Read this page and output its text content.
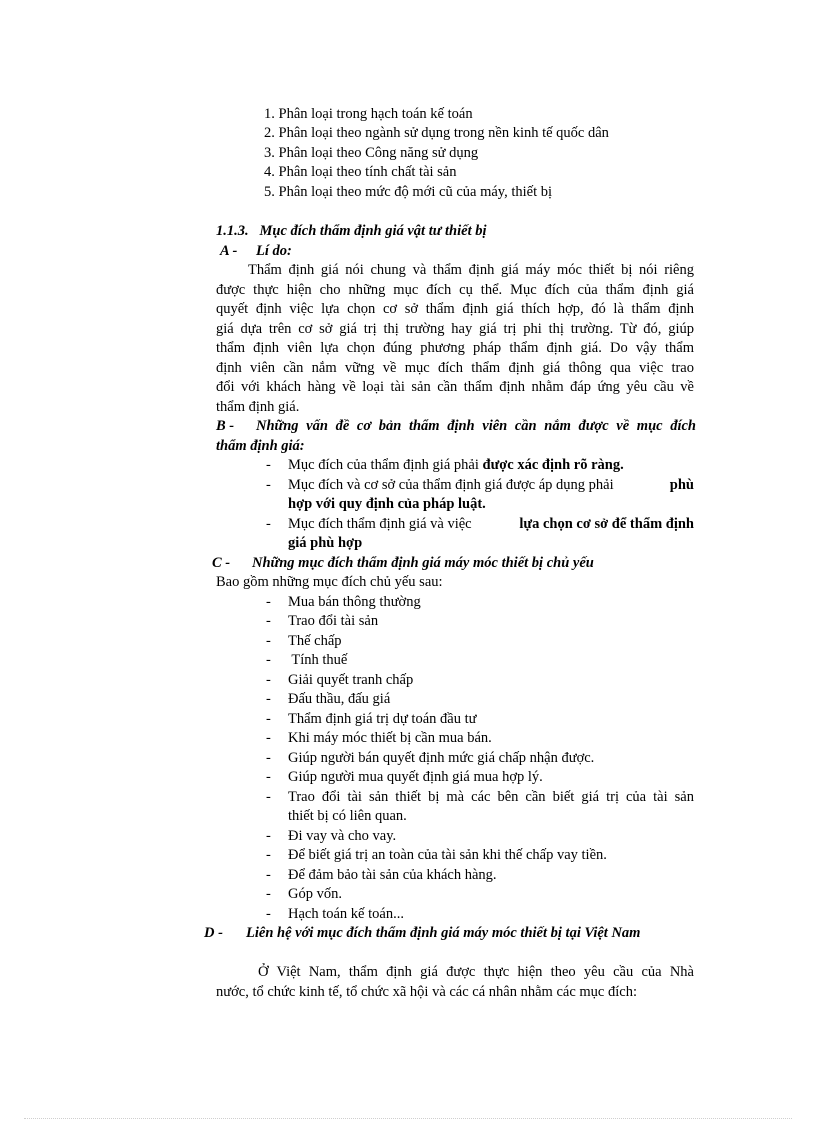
1. Phân loại trong hạch toán kế toán
2. Phân loại theo ngành sử dụng trong nền kinh tế quốc dân
3. Phân loại theo Công năng sử dụng
4. Phân loại theo tính chất tài sản
5. Phân loại theo mức độ mới cũ của máy, thiết bị
1.1.3.   Mục đích thẩm định giá vật tư thiết bị
A - Lí do:
Thẩm định giá nói chung và thẩm định giá máy móc thiết bị nói riêng
được thực hiện cho những mục đích cụ thể. Mục đích của thẩm định giá
quyết định việc lựa chọn cơ sở thẩm định giá thích hợp, đó là thẩm định
giá dựa trên cơ sở giá trị thị trường hay giá trị phi thị trường. Từ đó, giúp
thẩm định viên lựa chọn đúng phương pháp thẩm định giá. Do vậy thẩm
định viên cần nắm vững về mục đích thẩm định giá thông qua việc trao
đổi với khách hàng về loại tài sản cần thẩm định nhằm đáp ứng yêu cầu về
thẩm định giá.
B - Những vấn đề cơ bản thẩm định viên cần nắm được về mục đích
thẩm định giá:
- Mục đích của thẩm định giá phải được xác định rõ ràng.
- Mục đích và cơ sở của thẩm định giá được áp dụng phải	phù
hợp với quy định của pháp luật.
- Mục đích thẩm định giá và việc	lựa chọn cơ sở để thẩm định
giá phù hợp
C - Những mục đích thẩm định giá máy móc thiết bị chủ yếu
Bao gồm những mục đích chủ yếu sau:
- Mua bán thông thường
- Trao đổi tài sản
- Thế chấp
- Tính thuế
- Giải quyết tranh chấp
- Đấu thầu, đấu giá
- Thẩm định giá trị dự toán đầu tư
- Khi máy móc thiết bị cần mua bán.
- Giúp người bán quyết định mức giá chấp nhận được.
- Giúp người mua quyết định giá mua hợp lý.
- Trao đổi tài sản thiết bị mà các bên cần biết giá trị của tài sản
thiết bị có liên quan.
- Đi vay và cho vay.
- Để biết giá trị an toàn của tài sản khi thế chấp vay tiền.
- Để đảm bảo tài sản của khách hàng.
- Góp vốn.
- Hạch toán kế toán...
D - Liên hệ với mục đích thẩm định giá máy móc thiết bị tại Việt Nam
Ở Việt Nam, thẩm định giá được thực hiện theo yêu cầu của Nhà
nước, tổ chức kinh tế, tổ chức xã hội và các cá nhân nhằm các mục đích:
